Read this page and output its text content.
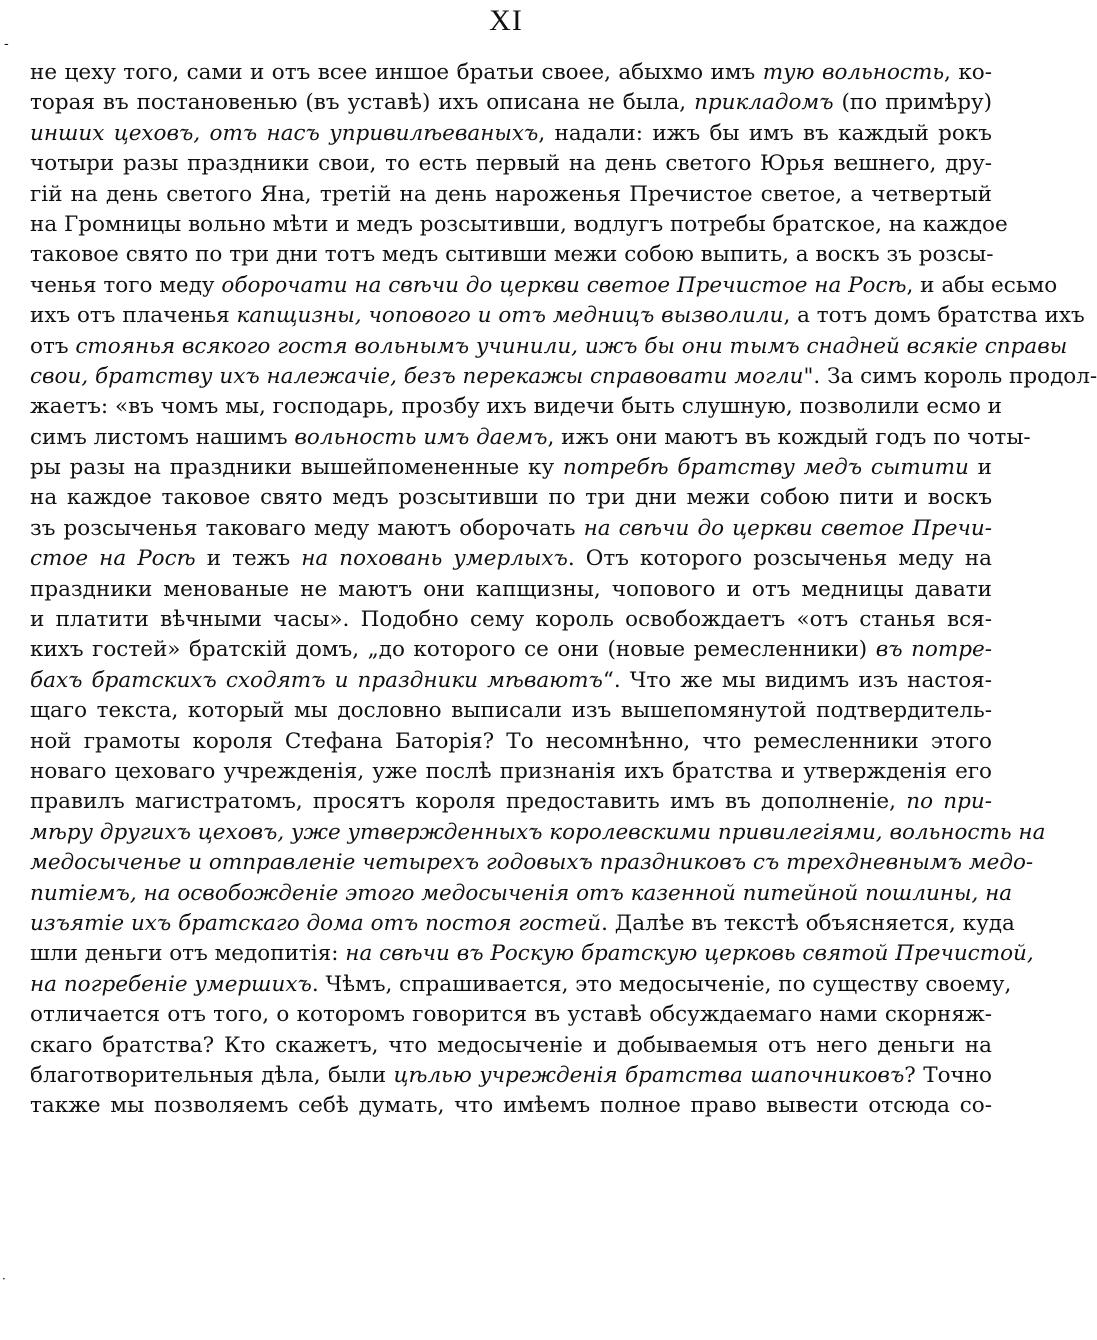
XI
-
·
не цеху того, сами и отъ всее иншое братьи своее, абыхмо имъ тую вольность, ко-
торая въ постановенью (въ уставѣ) ихъ описана не была, прикладомъ (по примѣру)
инших цеховъ, отъ насъ упривилѣеваныхъ, надали: ижъ бы имъ въ каждый рокъ
чотыри разы праздники свои, то есть первый на день светого Юрья вешнего, дру-
гій на день светого Яна, третій на день нароженья Пречистое светое, а четвертый
на Громницы вольно мѣти и медъ розсытивши, водлугъ потребы братское, на каждое
таковое свято по три дни тотъ медъ сытивши межи собою выпить, а воскъ зъ розсы-
ченья того меду оборочати на свѣчи до церкви светое Пречистое на Росѣ, и абы есьмо
ихъ отъ плаченья капщизны, чопового и отъ медницъ вызволили, а тотъ домъ братства ихъ
отъ стоянья всякого гостя вольнымъ учинили, ижъ бы они тымъ снадней всякіе справы
свои, братству ихъ належачіе, безъ перекажы справовати могли". За симъ король продол-
жаетъ: «въ чомъ мы, господарь, прозбу ихъ видечи быть слушную, позволили есмо и
симъ листомъ нашимъ вольность имъ даемъ, ижъ они маютъ въ кождый годъ по чоты-
ры разы на праздники вышейпомененные ку потребѣ братству медъ сытити и
на каждое таковое свято медъ розсытивши по три дни межи собою пити и воскъ
зъ розсыченья таковаго меду маютъ оборочать на свѣчи до церкви светое Пречи-
стое на Росѣ и тежъ на поховань умерлыхъ. Отъ которого розсыченья меду на
праздники менованые не маютъ они капщизны, чопового и отъ медницы давати
и платити вѣчными часы». Подобно сему король освобождаетъ «отъ станья вся-
кихъ гостей» братскій домъ, „до которого се они (новые ремесленники) въ потре-
бахъ братскихъ сходятъ и праздники мѣваютъ“. Что же мы видимъ изъ настоя-
щаго текста, который мы дословно выписали изъ вышепомянутой подтвердитель-
ной грамоты короля Стефана Баторія? То несомнѣнно, что ремесленники этого
новаго цеховаго учрежденія, уже послѣ признанія ихъ братства и утвержденія его
правилъ магистратомъ, просятъ короля предоставить имъ въ дополненіе, по при-
мѣру другихъ цеховъ, уже утвержденныхъ королевскими привилегіями, вольность на
медосыченье и отправленіе четырехъ годовыхъ праздниковъ съ трехдневнымъ медо-
питіемъ, на освобожденіе этого медосыченія отъ казенной питейной пошлины, на
изъятіе ихъ братскаго дома отъ постоя гостей. Далѣе въ текстѣ объясняется, куда
шли деньги отъ медопитія: на свѣчи въ Роскую братскую церковь святой Пречистой,
на погребеніе умершихъ. Чѣмъ, спрашивается, это медосыченіе, по существу своему,
отличается отъ того, о которомъ говорится въ уставѣ обсуждаемаго нами скорняж-
скаго братства? Кто скажетъ, что медосыченіе и добываемыя отъ него деньги на
благотворительныя дѣла, были цѣлью учрежденія братства шапочниковъ? Точно
также мы позволяемъ себѣ думать, что имѣемъ полное право вывести отсюда со-
